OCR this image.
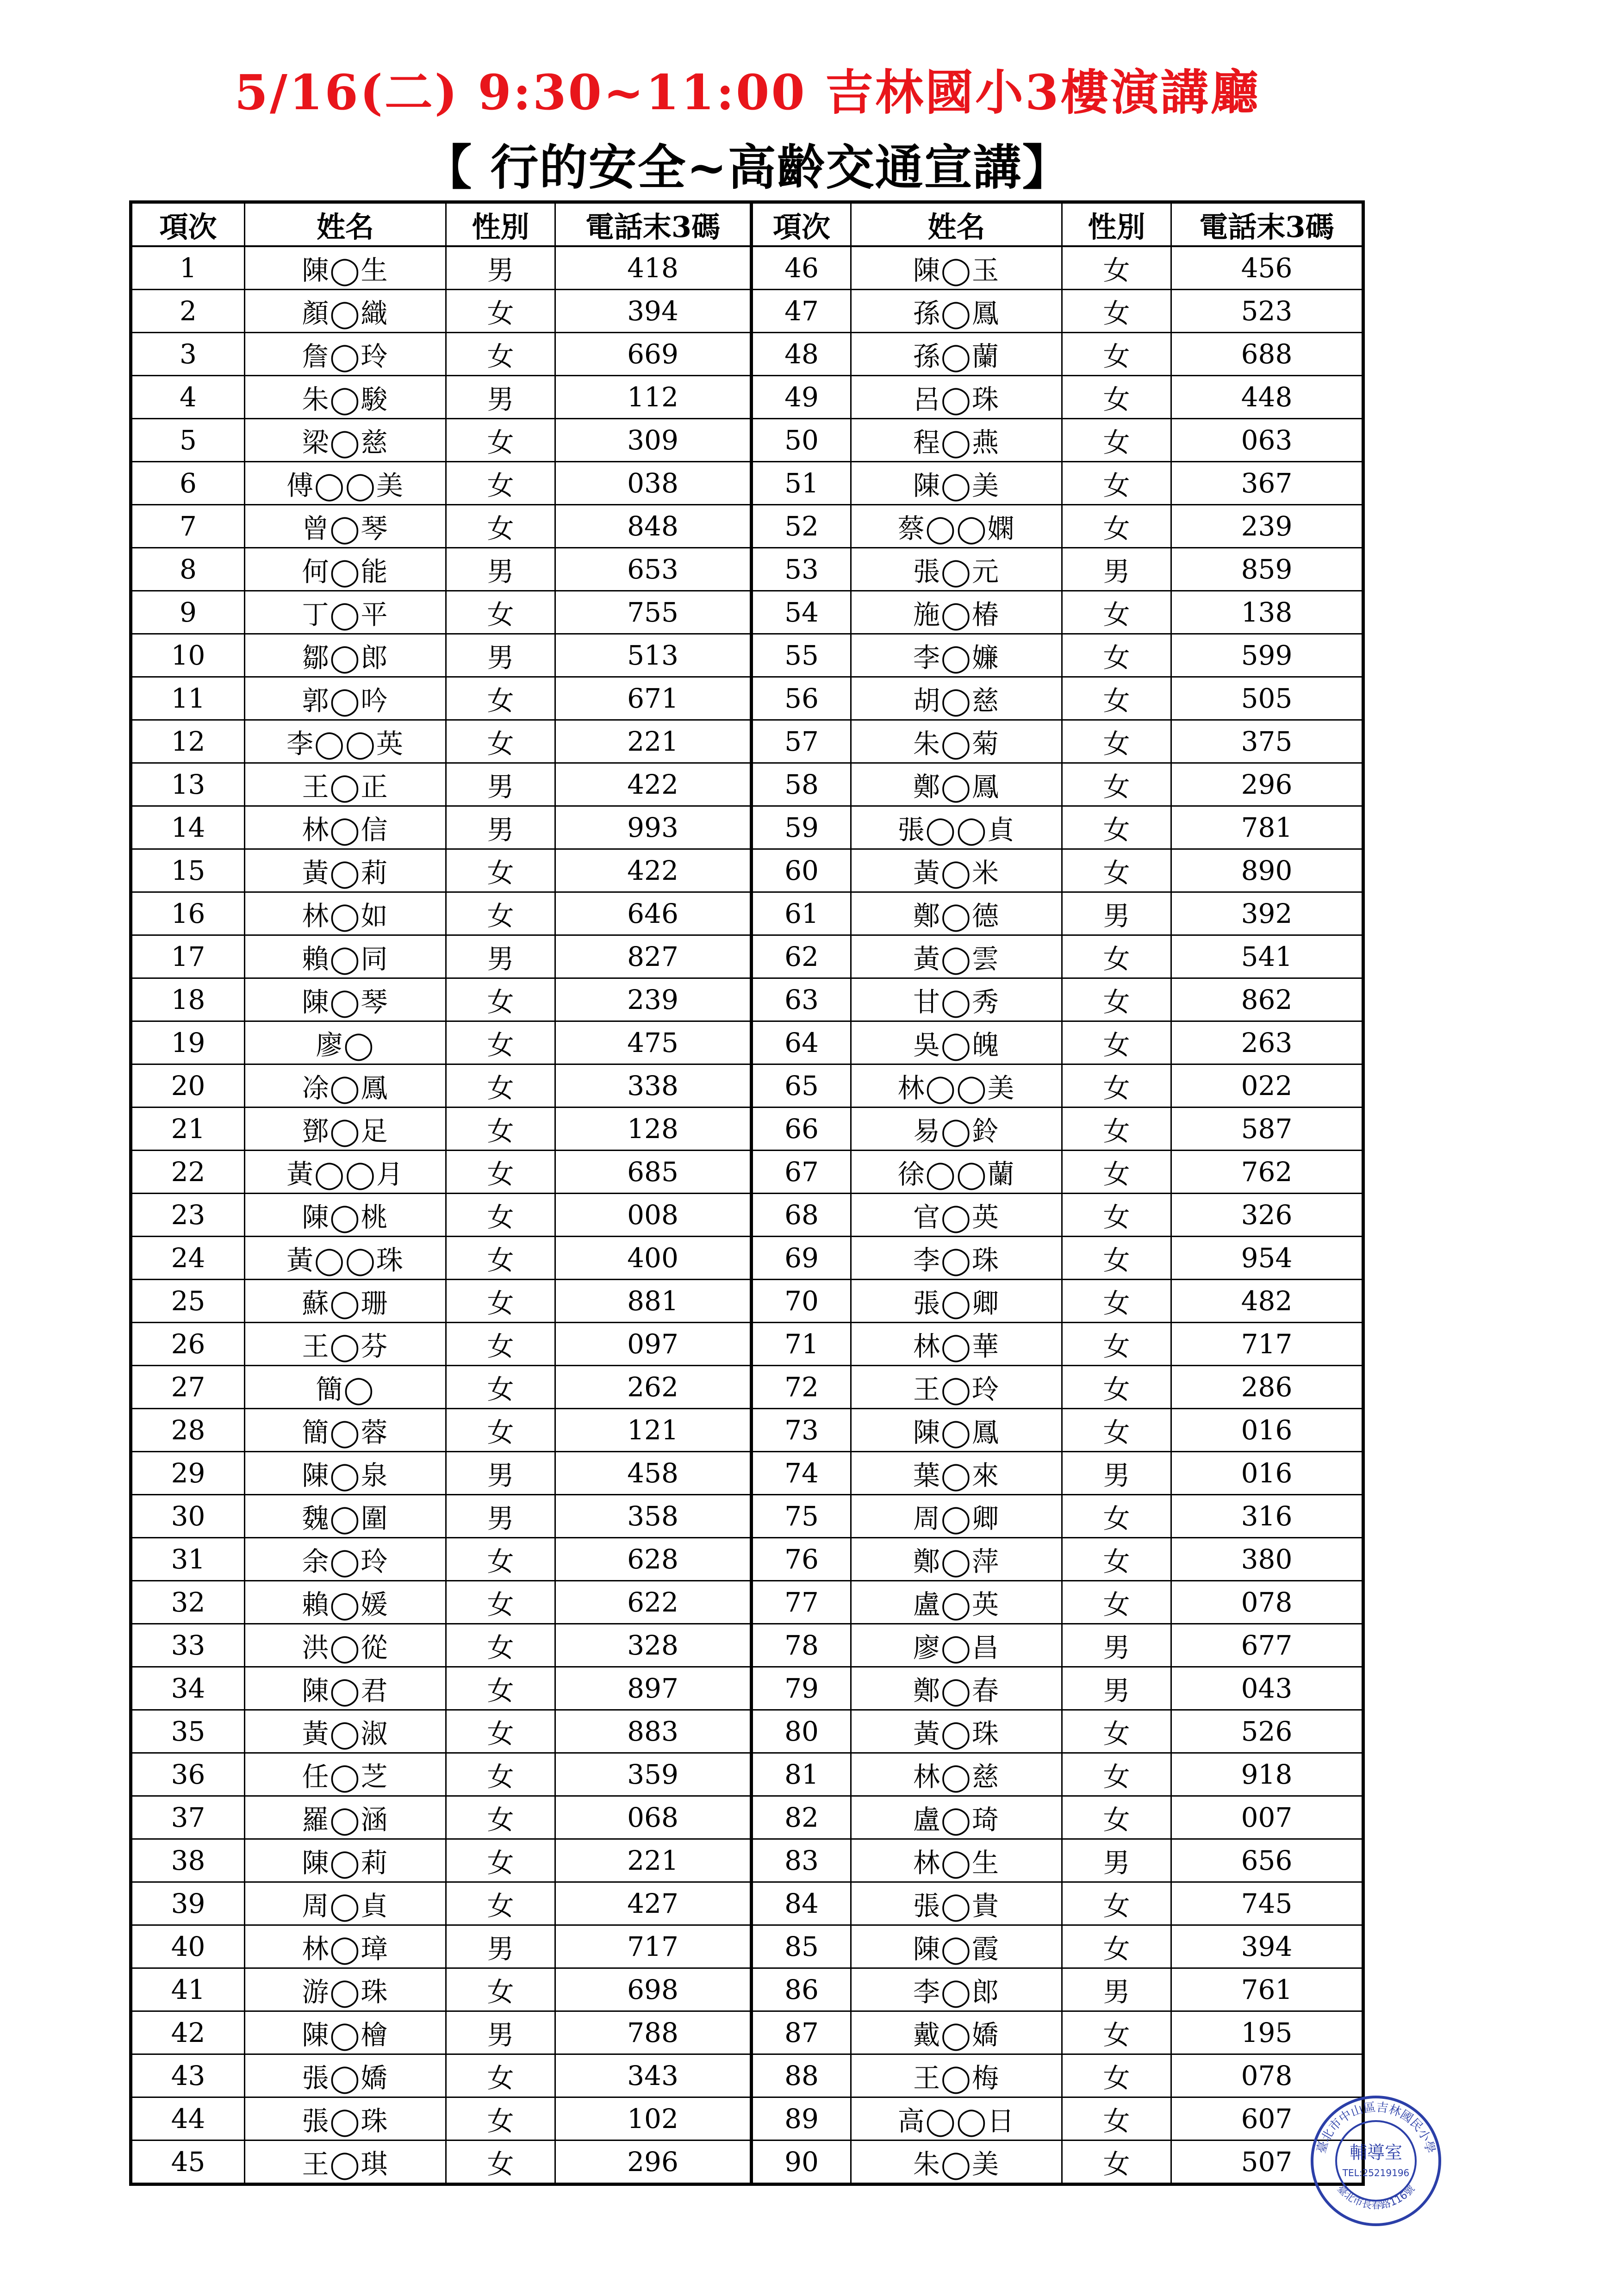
5/16(二) 9:30~11:00 吉林國小3樓演講廳
【 行的安全~高齡交通宣講】
項次	姓名	性別	電話末3碼	項次	姓名	性別	電話末3碼
1	陳◯生	男	418	46	陳◯玉	女	456
2	顏◯織	女	394	47	孫◯鳳	女	523
3	詹◯玲	女	669	48	孫◯蘭	女	688
4	朱◯駿	男	112	49	呂◯珠	女	448
5	梁◯慈	女	309	50	程◯燕	女	063
6	傅◯◯美	女	038	51	陳◯美	女	367
7	曾◯琴	女	848	52	蔡◯◯嫻	女	239
8	何◯能	男	653	53	張◯元	男	859
9	丁◯平	女	755	54	施◯椿	女	138
10	鄒◯郎	男	513	55	李◯嬚	女	599
11	郭◯吟	女	671	56	胡◯慈	女	505
12	李◯◯英	女	221	57	朱◯菊	女	375
13	王◯正	男	422	58	鄭◯鳳	女	296
14	林◯信	男	993	59	張◯◯貞	女	781
15	黃◯莉	女	422	60	黃◯米	女	890
16	林◯如	女	646	61	鄭◯德	男	392
17	賴◯同	男	827	62	黃◯雲	女	541
18	陳◯琴	女	239	63	甘◯秀	女	862
19	廖◯	女	475	64	吳◯魄	女	263
20	凃◯鳳	女	338	65	林◯◯美	女	022
21	鄧◯足	女	128	66	易◯鈴	女	587
22	黃◯◯月	女	685	67	徐◯◯蘭	女	762
23	陳◯桃	女	008	68	官◯英	女	326
24	黃◯◯珠	女	400	69	李◯珠	女	954
25	蘇◯珊	女	881	70	張◯卿	女	482
26	王◯芬	女	097	71	林◯華	女	717
27	簡◯	女	262	72	王◯玲	女	286
28	簡◯蓉	女	121	73	陳◯鳳	女	016
29	陳◯泉	男	458	74	葉◯來	男	016
30	魏◯圍	男	358	75	周◯卿	女	316
31	余◯玲	女	628	76	鄭◯萍	女	380
32	賴◯媛	女	622	77	盧◯英	女	078
33	洪◯從	女	328	78	廖◯昌	男	677
34	陳◯君	女	897	79	鄭◯春	男	043
35	黃◯淑	女	883	80	黃◯珠	女	526
36	任◯芝	女	359	81	林◯慈	女	918
37	羅◯涵	女	068	82	盧◯琦	女	007
38	陳◯莉	女	221	83	林◯生	男	656
39	周◯貞	女	427	84	張◯貴	女	745
40	林◯璋	男	717	85	陳◯霞	女	394
41	游◯珠	女	698	86	李◯郎	男	761
42	陳◯檜	男	788	87	戴◯嬌	女	195
43	張◯嬌	女	343	88	王◯梅	女	078
44	張◯珠	女	102	89	高◯◯日	女	607
45	王◯琪	女	296	90	朱◯美	女	507 臺北市中山區吉林國民小學
臺北市長春路116號
輔導室
TEL:25219196
